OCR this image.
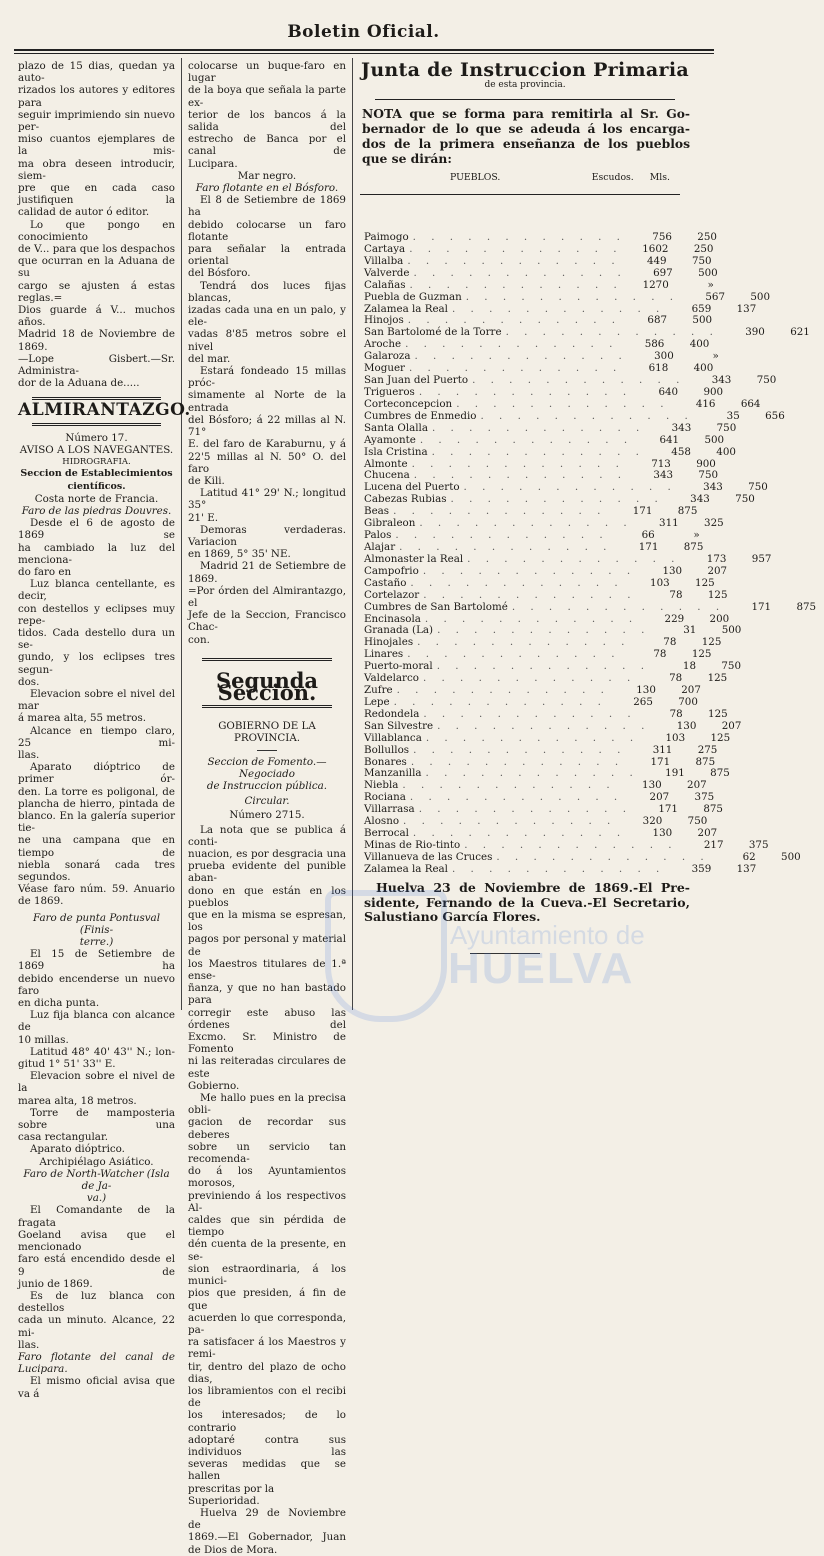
Boletin Oficial.
plazo de 15 dias, quedan ya auto-
rizados los autores y editores para
seguir imprimiendo sin nuevo per-
miso cuantos ejemplares de la mis-
ma obra deseen introducir, siem-
pre que en cada caso justifiquen la
calidad de autor ó editor.
Lo que pongo en conocimiento
de V... para que los despachos
que ocurran en la Aduana de su
cargo se ajusten á estas reglas.=
Dios guarde á V... muchos años.
Madrid 18 de Noviembre de 1869.
—Lope Gisbert.—Sr. Administra-
dor de la Aduana de.....
ALMIRANTAZGO.

Número 17.

AVISO A LOS NAVEGANTES.

HIDROGRAFIA.

Seccion de Establecimientos científicos.

Costa norte de Francia.

Faro de las piedras Douvres.

Desde el 6 de agosto de 1869 se
ha cambiado la luz del menciona-
do faro en
Luz blanca centellante, es decir,
con destellos y eclipses muy repe-
tidos. Cada destello dura un se-
gundo, y los eclipses tres segun-
dos.
Elevacion sobre el nivel del mar
á marea alta, 55 metros.
Alcance en tiempo claro, 25 mi-
llas.
Aparato dióptrico de primer ór-
den. La torre es poligonal, de
plancha de hierro, pintada de
blanco. En la galería superior tie-
ne una campana que en tiempo de
niebla sonará cada tres segundos.
Véase faro núm. 59. Anuario
de 1869.
Faro de punta Pontusval (Finis-
terre.)
El 15 de Setiembre de 1869 ha
debido encenderse un nuevo faro
en dicha punta.
Luz fija blanca con alcance de
10 millas.
Latitud 48° 40' 43'' N.; lon-
gitud 1° 51' 33'' E.
Elevacion sobre el nivel de la
marea alta, 18 metros.
Torre de mamposteria sobre una
casa rectangular.

Aparato dióptrico.

Archipiélago Asiático.

Faro de North-Watcher (Isla de Ja-
va.)
El Comandante de la fragata
Goeland avisa que el mencionado
faro está encendido desde el 9 de
junio de 1869.
Es de luz blanca con destellos
cada un minuto. Alcance, 22 mi-
llas.

Faro flotante del canal de Lucipara.

El mismo oficial avisa que va á

colocarse un buque-faro en lugar
de la boya que señala la parte ex-
terior de los bancos á la salida del
estrecho de Banca por el canal de
Lucipara.

Mar negro.

Faro flotante en el Bósforo.

El 8 de Setiembre de 1869 ha
debido colocarse un faro flotante
para señalar la entrada oriental
del Bósforo.
Tendrá dos luces fijas blancas,
izadas cada una en un palo, y ele-
vadas 8'85 metros sobre el nivel
del mar.
Estará fondeado 15 millas próc-
simamente al Norte de la entrada
del Bósforo; á 22 millas al N. 71°
E. del faro de Karaburnu, y á
22'5 millas al N. 50° O. del faro
de Kili.
Latitud 41° 29' N.; longitud 35°
21' E.
Demoras verdaderas. Variacion
en 1869, 5° 35' NE.
Madrid 21 de Setiembre de 1869.
=Por órden del Almirantazgo, el
Jefe de la Seccion, Francisco Chac-
con.
Segunda Seccion.

GOBIERNO DE LA PROVINCIA.

Seccion de Fomento.—Negociado
de Instruccion pública.

Circular.

Número 2715.

La nota que se publica á conti-
nuacion, es por desgracia una
prueba evidente del punible aban-
dono en que están en los pueblos
que en la misma se espresan, los
pagos por personal y material de
los Maestros titulares de 1.ª ense-
ñanza, y que no han bastado para
corregir este abuso las órdenes del
Excmo. Sr. Ministro de Fomento
ni las reiteradas circulares de este
Gobierno.
Me hallo pues en la precisa obli-
gacion de recordar sus deberes
sobre un servicio tan recomenda-
do á los Ayuntamientos morosos,
previniendo á los respectivos Al-
caldes que sin pérdida de tiempo
dén cuenta de la presente, en se-
sion estraordinaria, á los munici-
pios que presiden, á fin de que
acuerden lo que corresponda, pa-
ra satisfacer á los Maestros y remi-
tir, dentro del plazo de ocho dias,
los libramientos con el recibi de
los interesados; de lo contrario
adoptaré contra sus individuos las
severas medidas que se hallen
prescritas por la Superioridad.
Huelva 29 de Noviembre de
1869.—El Gobernador, Juan
de Dios de Mora.
Junta de Instruccion Primaria
de esta provincia.
NOTA que se forma para remitirla al Sr. Go-
bernador de lo que se adeuda á los encarga-
dos de la primera enseñanza de los pueblos
que se dirán:
PUEBLOS.	Escudos. Mls.
Paimogo . . . . . . . . . . . .	756	250
Cartaya . . . . . . . . . . . .	1602	250
Villalba . . . . . . . . . . . .	449	750
Valverde . . . . . . . . . . . .	697	500
Calañas . . . . . . . . . . . .	1270	»
Puebla de Guzman . . . . . . . . . . . .	567	500
Zalamea la Real . . . . . . . . . . . .	659	137
Hinojos . . . . . . . . . . . .	687	500
San Bartolomé de la Torre . . . . . . . . . . . .	390	621
Aroche . . . . . . . . . . . .	586	400
Galaroza . . . . . . . . . . . .	300	»
Moguer . . . . . . . . . . . .	618	400
San Juan del Puerto . . . . . . . . . . . .	343	750
Trigueros . . . . . . . . . . . .	640	900
Corteconcepcion . . . . . . . . . . . .	416	664
Cumbres de Enmedio . . . . . . . . . . . .	35	656
Santa Olalla . . . . . . . . . . . .	343	750
Ayamonte . . . . . . . . . . . .	641	500
Isla Cristina . . . . . . . . . . . .	458	400
Almonte . . . . . . . . . . . .	713	900
Chucena . . . . . . . . . . . .	343	750
Lucena del Puerto . . . . . . . . . . . .	343	750
Cabezas Rubias . . . . . . . . . . . .	343	750
Beas . . . . . . . . . . . .	171	875
Gibraleon . . . . . . . . . . . .	311	325
Palos . . . . . . . . . . . .	66	»
Alajar . . . . . . . . . . . .	171	875
Almonaster la Real . . . . . . . . . . . .	173	957
Campofrio . . . . . . . . . . . .	130	207
Castaño . . . . . . . . . . . .	103	125
Cortelazor . . . . . . . . . . . .	78	125
Cumbres de San Bartolomé . . . . . . . . . . . .	171	875
Encinasola . . . . . . . . . . . .	229	200
Granada (La) . . . . . . . . . . . .	31	500
Hinojales . . . . . . . . . . . .	78	125
Linares . . . . . . . . . . . .	78	125
Puerto-moral . . . . . . . . . . . .	18	750
Valdelarco . . . . . . . . . . . .	78	125
Zufre . . . . . . . . . . . .	130	207
Lepe . . . . . . . . . . . .	265	700
Redondela . . . . . . . . . . . .	78	125
San Silvestre . . . . . . . . . . . .	130	207
Villablanca . . . . . . . . . . . .	103	125
Bollullos . . . . . . . . . . . .	311	275
Bonares . . . . . . . . . . . .	171	875
Manzanilla . . . . . . . . . . . .	191	875
Niebla . . . . . . . . . . . .	130	207
Rociana . . . . . . . . . . . .	207	375
Villarrasa . . . . . . . . . . . .	171	875
Alosno . . . . . . . . . . . .	320	750
Berrocal . . . . . . . . . . . .	130	207
Minas de Rio-tinto . . . . . . . . . . . .	217	375
Villanueva de las Cruces . . . . . . . . . . . .	62	500
Zalamea la Real . . . . . . . . . . . .	359	137
Huelva 23 de Noviembre de 1869.-El Pre-
sidente, Fernando de la Cueva.-El Secretario,
Salustiano García Flores.
Ayuntamiento de
HUELVA
